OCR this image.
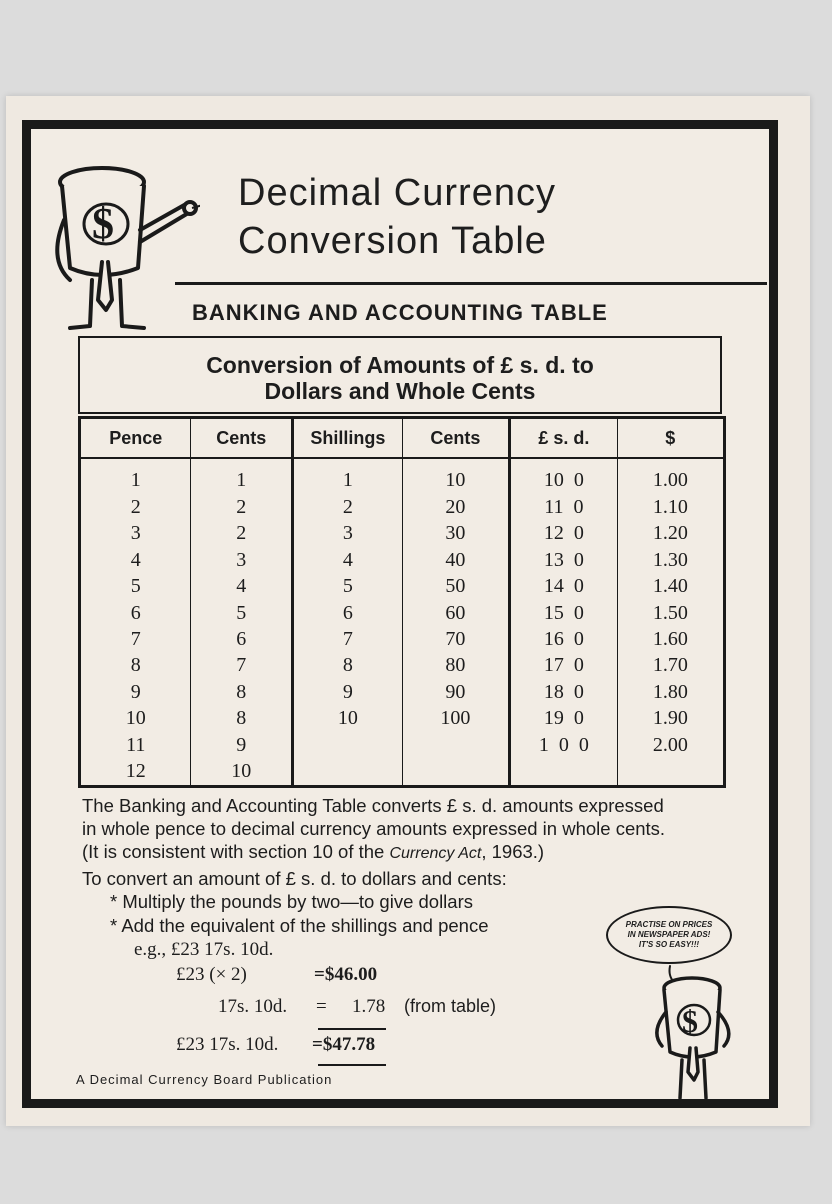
$
Decimal Currency
Conversion Table
BANKING AND ACCOUNTING TABLE
Conversion of Amounts of £ s. d. to
Dollars and Whole Cents
Pence	Cents	Shillings	Cents	£ s. d.	$
1	1	1	10	10  0	1.00
2	2	2	20	11  0	1.10
3	2	3	30	12  0	1.20
4	3	4	40	13  0	1.30
5	4	5	50	14  0	1.40
6	5	6	60	15  0	1.50
7	6	7	70	16  0	1.60
8	7	8	80	17  0	1.70
9	8	9	90	18  0	1.80
10	8	10	100	19  0	1.90
11	9			1  0  0	2.00
12	10				
The Banking and Accounting Table converts £ s. d. amounts expressed
in whole pence to decimal currency amounts expressed in whole cents.
(It is consistent with section 10 of the Currency Act, 1963.)
To convert an amount of £ s. d. to dollars and cents:
* Multiply the pounds by two—to give dollars
* Add the equivalent of the shillings and pence
e.g., £23 17s. 10d.
£23 (× 2)	=$46.00
17s. 10d. = 1.78 (from table)
£23 17s. 10d. =$47.78
A Decimal Currency Board Publication
PRACTISE ON PRICES
IN NEWSPAPER ADS!
IT'S SO EASY!!!
$
